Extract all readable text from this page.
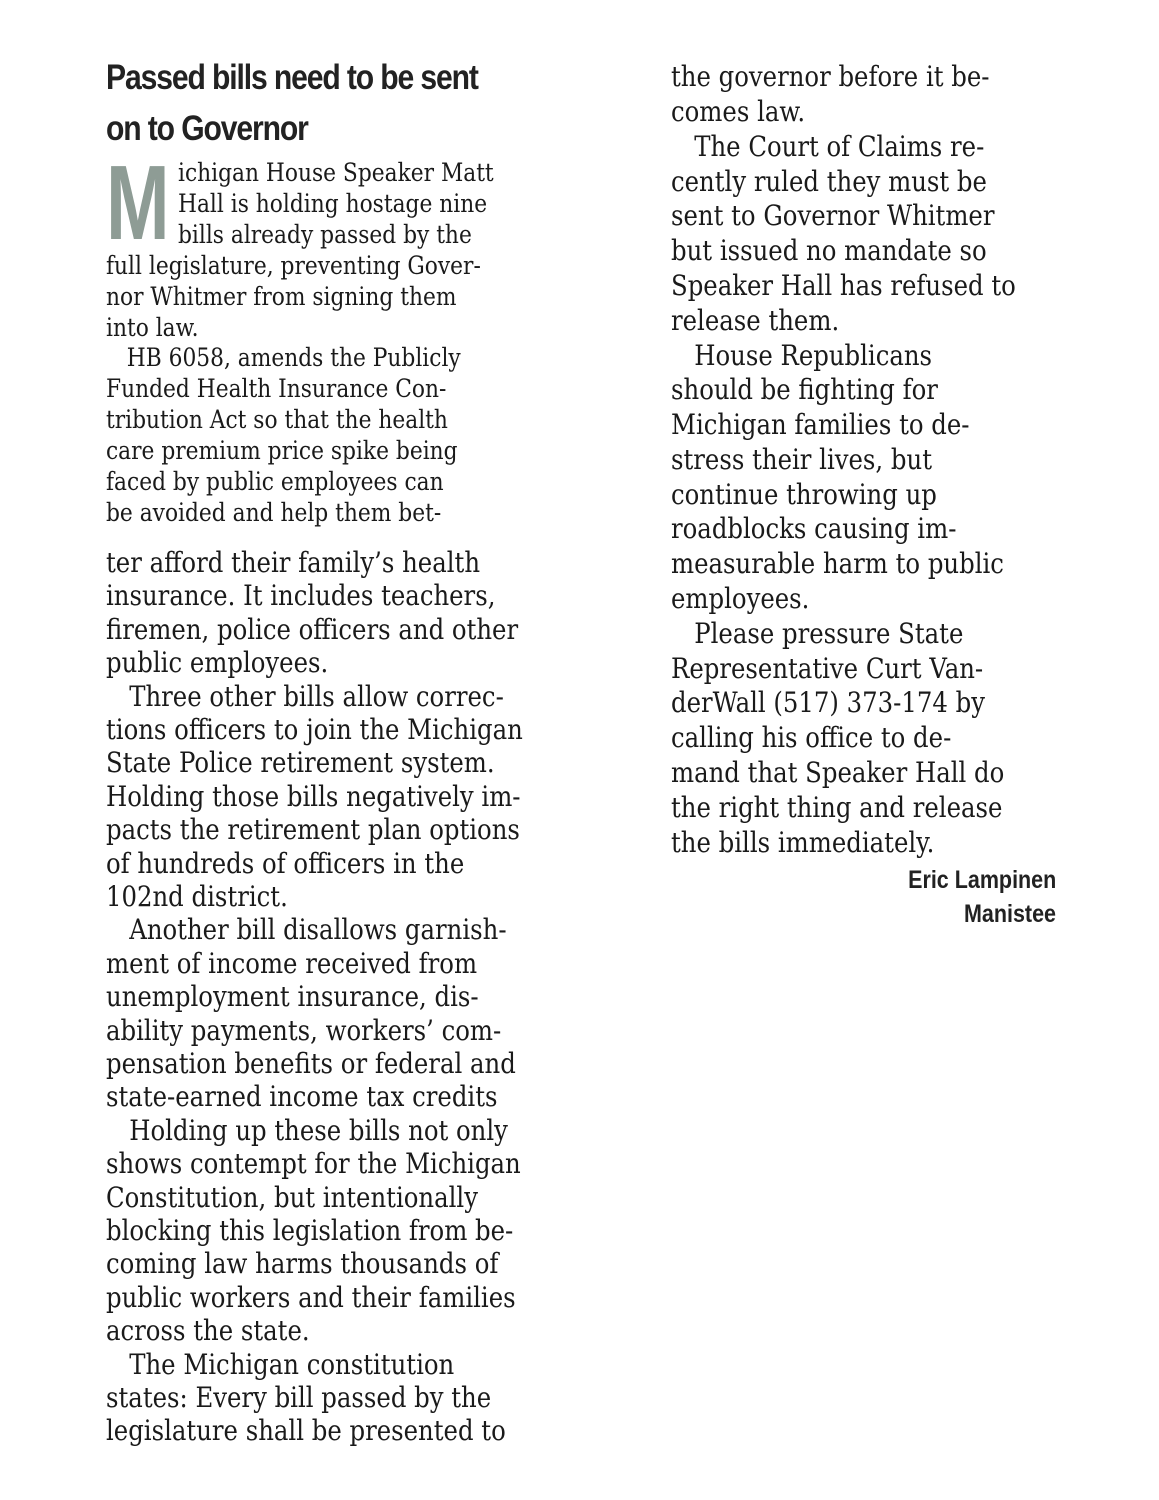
Passed bills need to be sent
on to Governor
M ichigan House Speaker Matt
Hall is holding hostage nine
bills already passed by the
full legislature, preventing Gover-
nor Whitmer from signing them
into law.
HB 6058, amends the Publicly
Funded Health Insurance Con-
tribution Act so that the health
care premium price spike being
faced by public employees can
be avoided and help them bet-
ter afford their family’s health
insurance. It includes teachers,
firemen, police officers and other
public employees.
Three other bills allow correc-
tions officers to join the Michigan
State Police retirement system.
Holding those bills negatively im-
pacts the retirement plan options
of hundreds of officers in the
102nd district.
Another bill disallows garnish-
ment of income received from
unemployment insurance, dis-
ability payments, workers’ com-
pensation benefits or federal and
state-earned income tax credits
Holding up these bills not only
shows contempt for the Michigan
Constitution, but intentionally
blocking this legislation from be-
coming law harms thousands of
public workers and their families
across the state.
The Michigan constitution
states: Every bill passed by the
legislature shall be presented to
the governor before it be-
comes law.
The Court of Claims re-
cently ruled they must be
sent to Governor Whitmer
but issued no mandate so
Speaker Hall has refused to
release them.
House Republicans
should be fighting for
Michigan families to de-
stress their lives, but
continue throwing up
roadblocks causing im-
measurable harm to public
employees.
Please pressure State
Representative Curt Van-
derWall (517) 373-174 by
calling his office to de-
mand that Speaker Hall do
the right thing and release
the bills immediately.
Eric Lampinen
Manistee
